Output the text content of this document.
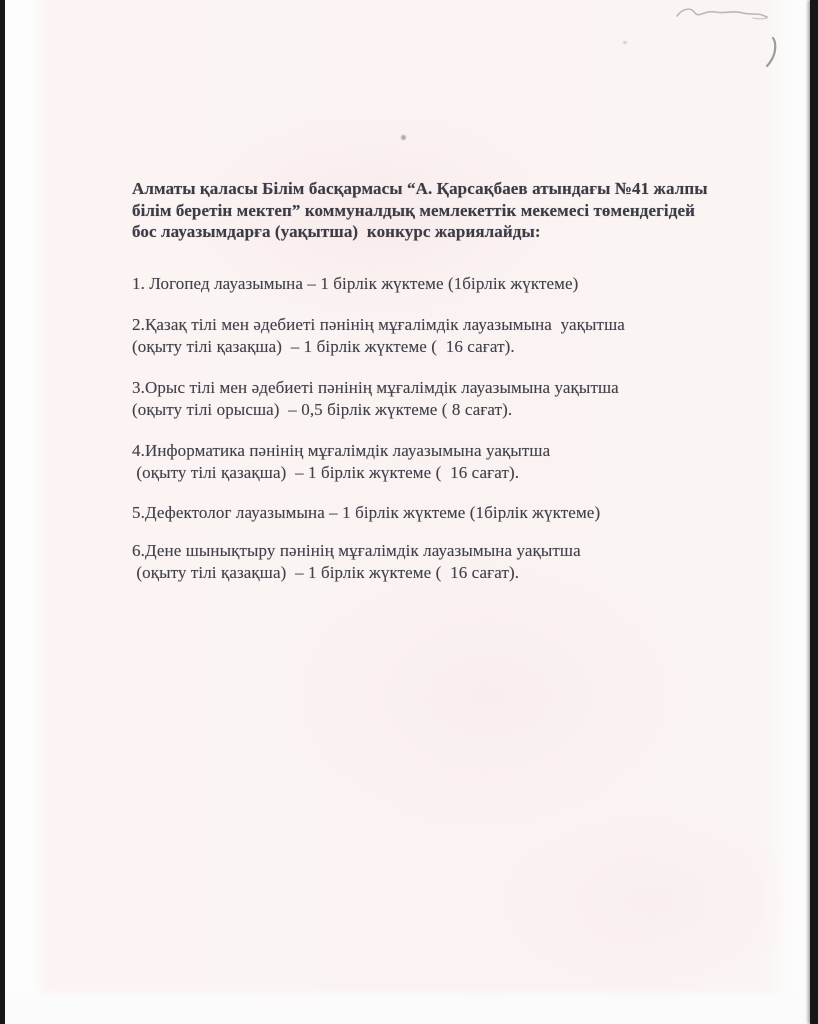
Алматы қаласы Білім басқармасы “А. Қарсақбаев атындағы №41 жалпы
білім беретін мектеп” коммуналдық мемлекеттік мекемесі төмендегідей
бос лауазымдарға (уақытша)  конкурс жариялайды:
1. Логопед лауазымына – 1 бірлік жүктеме (1бірлік жүктеме)
2.Қазақ тілі мен әдебиеті пәнінің мұғалімдік лауазымына  уақытша
(оқыту тілі қазақша)  – 1 бірлік жүктеме (  16 сағат).
3.Орыс тілі мен әдебиеті пәнінің мұғалімдік лауазымына уақытша
(оқыту тілі орысша)  – 0,5 бірлік жүктеме ( 8 сағат).
4.Информатика пәнінің мұғалімдік лауазымына уақытша
(оқыту тілі қазақша)  – 1 бірлік жүктеме (  16 сағат).
5.Дефектолог лауазымына – 1 бірлік жүктеме (1бірлік жүктеме)
6.Дене шынықтыру пәнінің мұғалімдік лауазымына уақытша
(оқыту тілі қазақша)  – 1 бірлік жүктеме (  16 сағат).
